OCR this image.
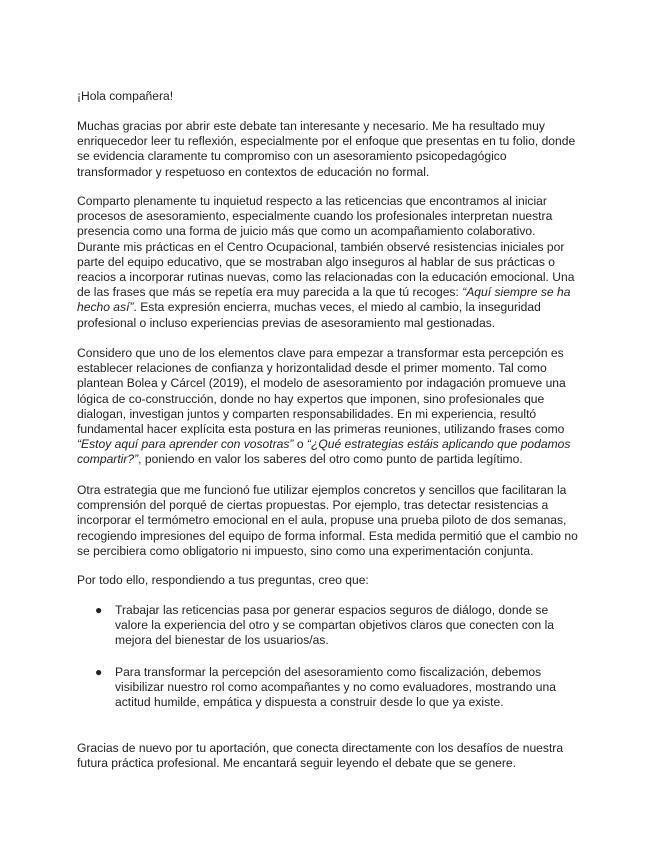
¡Hola compañera!

Muchas gracias por abrir este debate tan interesante y necesario. Me ha resultado muy enriquecedor leer tu reflexión, especialmente por el enfoque que presentas en tu folio, donde se evidencia claramente tu compromiso con un asesoramiento psicopedagógico transformador y respetuoso en contextos de educación no formal.

Comparto plenamente tu inquietud respecto a las reticencias que encontramos al iniciar procesos de asesoramiento, especialmente cuando los profesionales interpretan nuestra presencia como una forma de juicio más que como un acompañamiento colaborativo. Durante mis prácticas en el Centro Ocupacional, también observé resistencias iniciales por parte del equipo educativo, que se mostraban algo inseguros al hablar de sus prácticas o reacios a incorporar rutinas nuevas, como las relacionadas con la educación emocional. Una de las frases que más se repetía era muy parecida a la que tú recoges: “Aquí siempre se ha hecho así”. Esta expresión encierra, muchas veces, el miedo al cambio, la inseguridad profesional o incluso experiencias previas de asesoramiento mal gestionadas.

Considero que uno de los elementos clave para empezar a transformar esta percepción es establecer relaciones de confianza y horizontalidad desde el primer momento. Tal como plantean Bolea y Cárcel (2019), el modelo de asesoramiento por indagación promueve una lógica de co-construcción, donde no hay expertos que imponen, sino profesionales que dialogan, investigan juntos y comparten responsabilidades. En mi experiencia, resultó fundamental hacer explícita esta postura en las primeras reuniones, utilizando frases como “Estoy aquí para aprender con vosotras” o “¿Qué estrategias estáis aplicando que podamos compartir?”, poniendo en valor los saberes del otro como punto de partida legítimo.

Otra estrategia que me funcionó fue utilizar ejemplos concretos y sencillos que facilitaran la comprensión del porqué de ciertas propuestas. Por ejemplo, tras detectar resistencias a incorporar el termómetro emocional en el aula, propuse una prueba piloto de dos semanas, recogiendo impresiones del equipo de forma informal. Esta medida permitió que el cambio no se percibiera como obligatorio ni impuesto, sino como una experimentación conjunta.

Por todo ello, respondiendo a tus preguntas, creo que:

● Trabajar las reticencias pasa por generar espacios seguros de diálogo, donde se valore la experiencia del otro y se compartan objetivos claros que conecten con la mejora del bienestar de los usuarios/as.

● Para transformar la percepción del asesoramiento como fiscalización, debemos visibilizar nuestro rol como acompañantes y no como evaluadores, mostrando una actitud humilde, empática y dispuesta a construir desde lo que ya existe.

Gracias de nuevo por tu aportación, que conecta directamente con los desafíos de nuestra futura práctica profesional. Me encantará seguir leyendo el debate que se genere.
